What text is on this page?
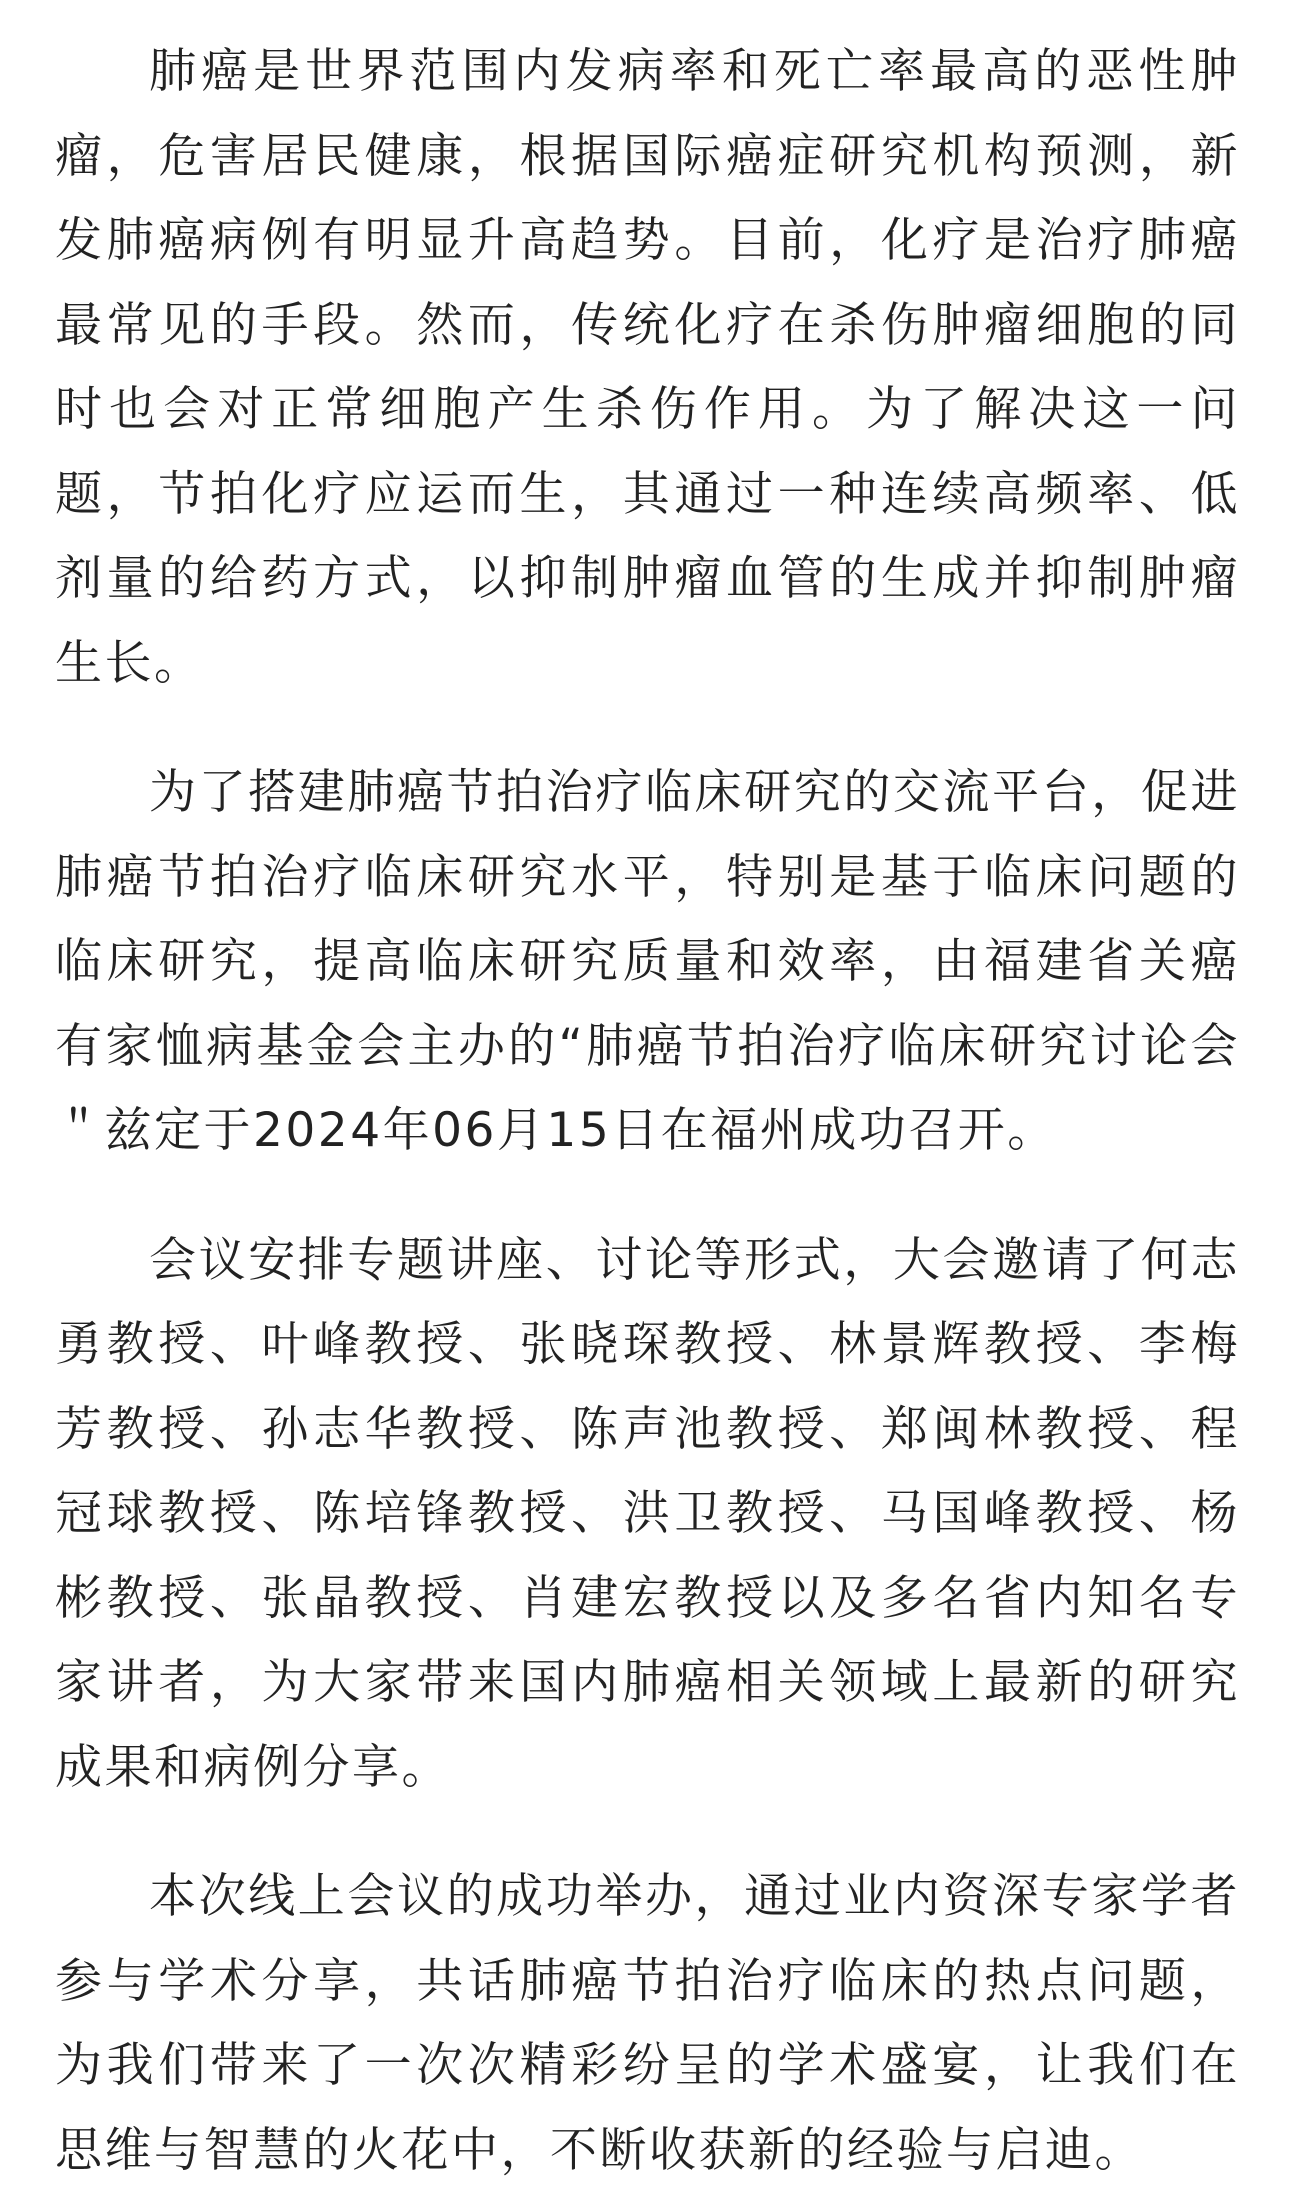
肺癌是世界范围内发病率和死亡率最高的恶性肿瘤，危害居民健康，根据国际癌症研究机构预测，新发肺癌病例有明显升高趋势。目前，化疗是治疗肺癌最常见的手段。然而，传统化疗在杀伤肿瘤细胞的同时也会对正常细胞产生杀伤作用。为了解决这一问题，节拍化疗应运而生，其通过一种连续高频率、低剂量的给药方式，以抑制肿瘤血管的生成并抑制肿瘤生长。

为了搭建肺癌节拍治疗临床研究的交流平台，促进肺癌节拍治疗临床研究水平，特别是基于临床问题的临床研究，提高临床研究质量和效率，由福建省关癌有家恤病基金会主办的“肺癌节拍治疗临床研究讨论会＂兹定于2024年06月15日在福州成功召开。

会议安排专题讲座、讨论等形式，大会邀请了何志勇教授、叶峰教授、张晓琛教授、林景辉教授、李梅芳教授、孙志华教授、陈声池教授、郑闽林教授、程冠球教授、陈培锋教授、洪卫教授、马国峰教授、杨彬教授、张晶教授、肖建宏教授以及多名省内知名专家讲者，为大家带来国内肺癌相关领域上最新的研究成果和病例分享。

本次线上会议的成功举办，通过业内资深专家学者参与学术分享，共话肺癌节拍治疗临床的热点问题，为我们带来了一次次精彩纷呈的学术盛宴，让我们在思维与智慧的火花中，不断收获新的经验与启迪。
